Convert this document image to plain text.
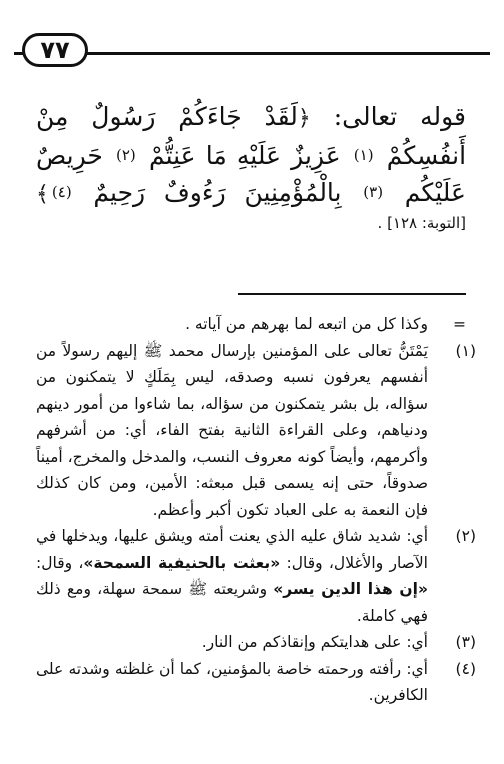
٧٧
قوله تعالى: ﴿لَقَدْ جَاءَكُمْ رَسُولٌ مِنْ أَنفُسِكُمْ (١) عَزِيزٌ عَلَيْهِ مَا عَنِتُّمْ (٢) حَرِيصٌ عَلَيْكُم (٣) بِالْمُؤْمِنِينَ رَءُوفٌ رَحِيمٌ (٤)﴾
[التوبة: ١٢٨] .
=

وكذا كل من اتبعه لما بهرهم من آياته .

(١)

يَمْتَنُّ تعالى على المؤمنين بإرسال محمد ﷺ إليهم رسولاً من أنفسهم يعرفون نسبه وصدقه، ليس بِمَلَكٍ لا يتمكنون من سؤاله، بل بشر يتمكنون من سؤاله، بما شاءوا من أمور دينهم ودنياهم، وعلى القراءة الثانية بفتح الفاء، أي: من أشرفهم وأكرمهم، وأيضاً كونه معروف النسب، والمدخل والمخرج، أميناً صدوقاً، حتى إنه يسمى قبل مبعثه: الأمين، ومن كان كذلك فإن النعمة به على العباد تكون أكبر وأعظم.

(٢)

أي: شديد شاق عليه الذي يعنت أمته ويشق عليها، ويدخلها في الآصار والأغلال، وقال: «بعثت بالحنيفية السمحة»، وقال: «إن هذا الدين يسر» وشريعته ﷺ سمحة سهلة، ومع ذلك فهي كاملة.

(٣)

أي: على هدايتكم وإنقاذكم من النار.

(٤)

أي: رأفته ورحمته خاصة بالمؤمنين، كما أن غلظته وشدته على الكافرين.
